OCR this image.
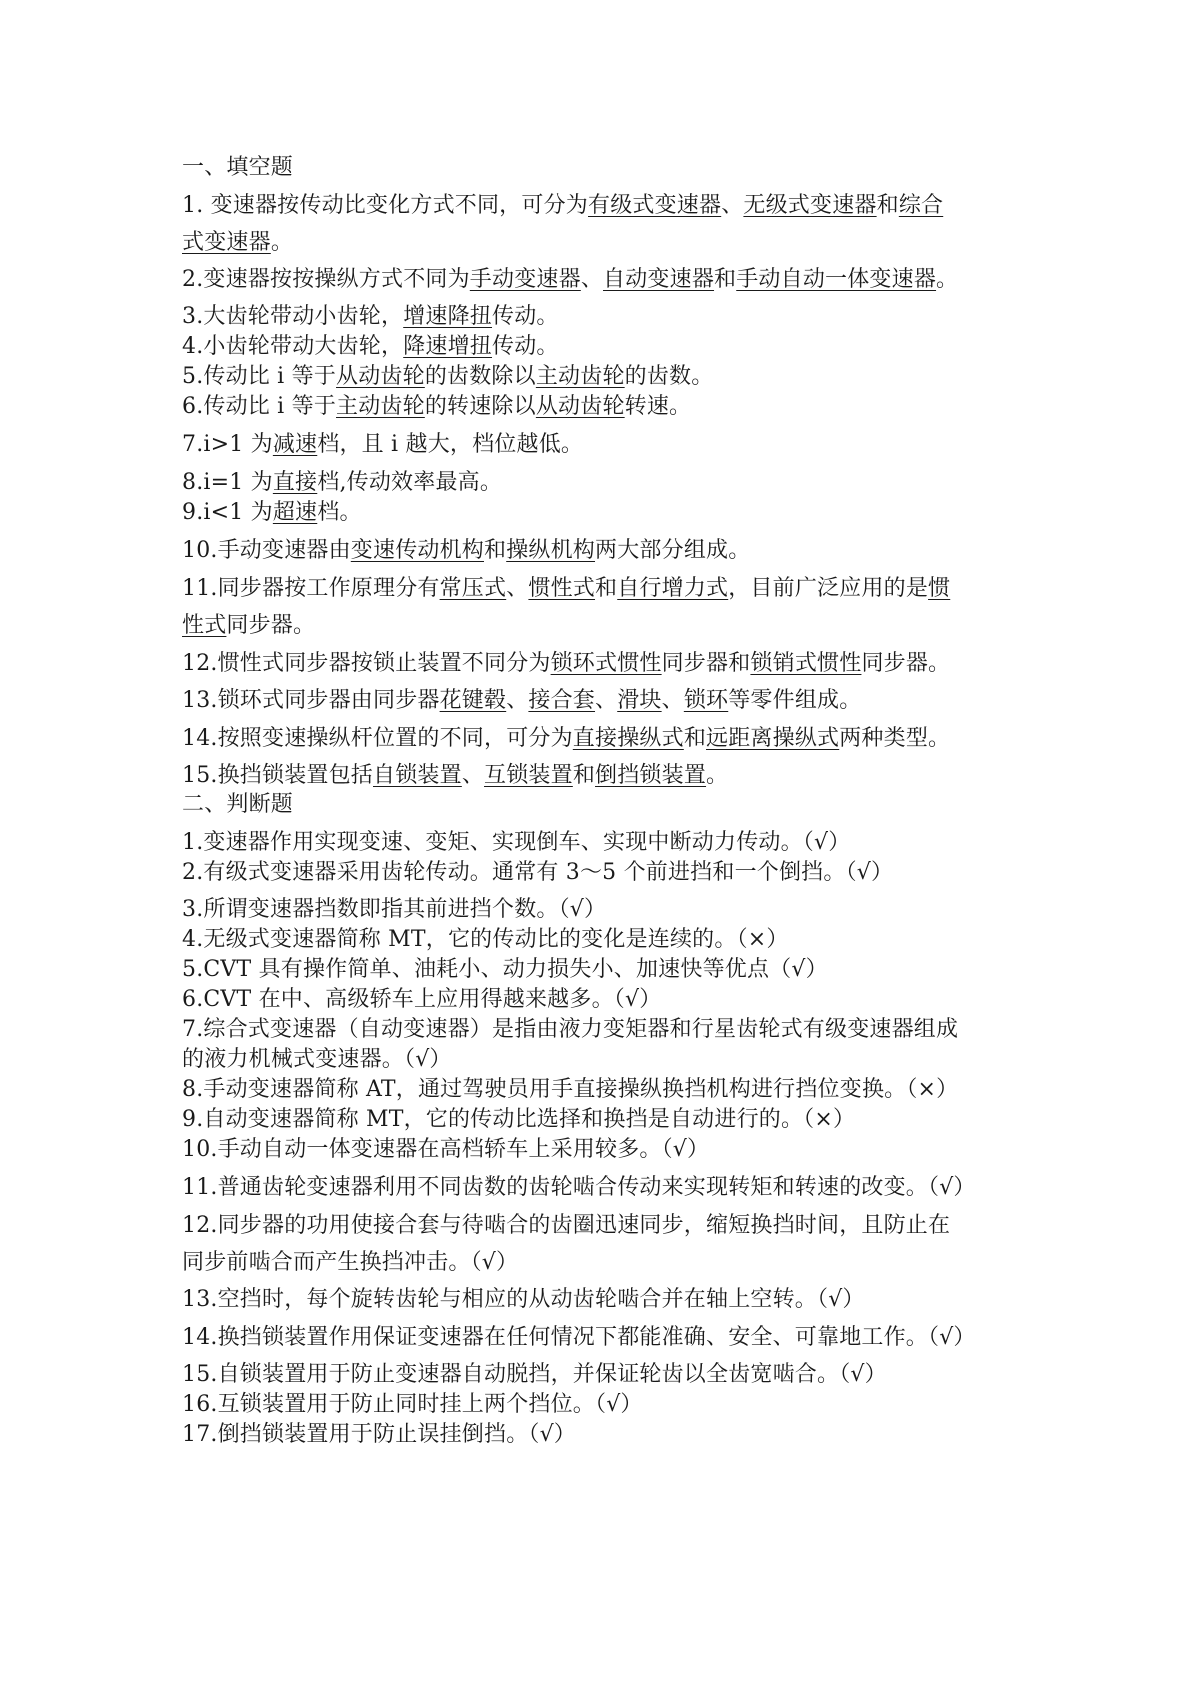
一、填空题

1. 变速器按传动比变化方式不同，可分为有级式变速器、无级式变速器和综合

式变速器。

2.变速器按按操纵方式不同为手动变速器、自动变速器和手动自动一体变速器。

3.大齿轮带动小齿轮，增速降扭传动。

4.小齿轮带动大齿轮，降速增扭传动。

5.传动比 i 等于从动齿轮的齿数除以主动齿轮的齿数。

6.传动比 i 等于主动齿轮的转速除以从动齿轮转速。

7.i>1 为减速档，且 i 越大，档位越低。

8.i=1 为直接档,传动效率最高。

9.i<1 为超速档。

10.手动变速器由变速传动机构和操纵机构两大部分组成。

11.同步器按工作原理分有常压式、惯性式和自行增力式，目前广泛应用的是惯

性式同步器。

12.惯性式同步器按锁止装置不同分为锁环式惯性同步器和锁销式惯性同步器。

13.锁环式同步器由同步器花键毂、接合套、滑块、锁环等零件组成。

14.按照变速操纵杆位置的不同，可分为直接操纵式和远距离操纵式两种类型。

15.换挡锁装置包括自锁装置、互锁装置和倒挡锁装置。

二、判断题

1.变速器作用实现变速、变矩、实现倒车、实现中断动力传动。（√）

2.有级式变速器采用齿轮传动。通常有 3～5 个前进挡和一个倒挡。（√）

3.所谓变速器挡数即指其前进挡个数。（√）

4.无级式变速器简称 MT，它的传动比的变化是连续的。（×）

5.CVT 具有操作简单、油耗小、动力损失小、加速快等优点（√）

6.CVT 在中、高级轿车上应用得越来越多。（√）

7.综合式变速器（自动变速器）是指由液力变矩器和行星齿轮式有级变速器组成

的液力机械式变速器。（√）

8.手动变速器简称 AT，通过驾驶员用手直接操纵换挡机构进行挡位变换。（×）

9.自动变速器简称 MT，它的传动比选择和换挡是自动进行的。（×）

10.手动自动一体变速器在高档轿车上采用较多。（√）

11.普通齿轮变速器利用不同齿数的齿轮啮合传动来实现转矩和转速的改变。（√）

12.同步器的功用使接合套与待啮合的齿圈迅速同步，缩短换挡时间，且防止在

同步前啮合而产生换挡冲击。（√）

13.空挡时，每个旋转齿轮与相应的从动齿轮啮合并在轴上空转。（√）

14.换挡锁装置作用保证变速器在任何情况下都能准确、安全、可靠地工作。（√）

15.自锁装置用于防止变速器自动脱挡，并保证轮齿以全齿宽啮合。（√）

16.互锁装置用于防止同时挂上两个挡位。（√）

17.倒挡锁装置用于防止误挂倒挡。（√）
